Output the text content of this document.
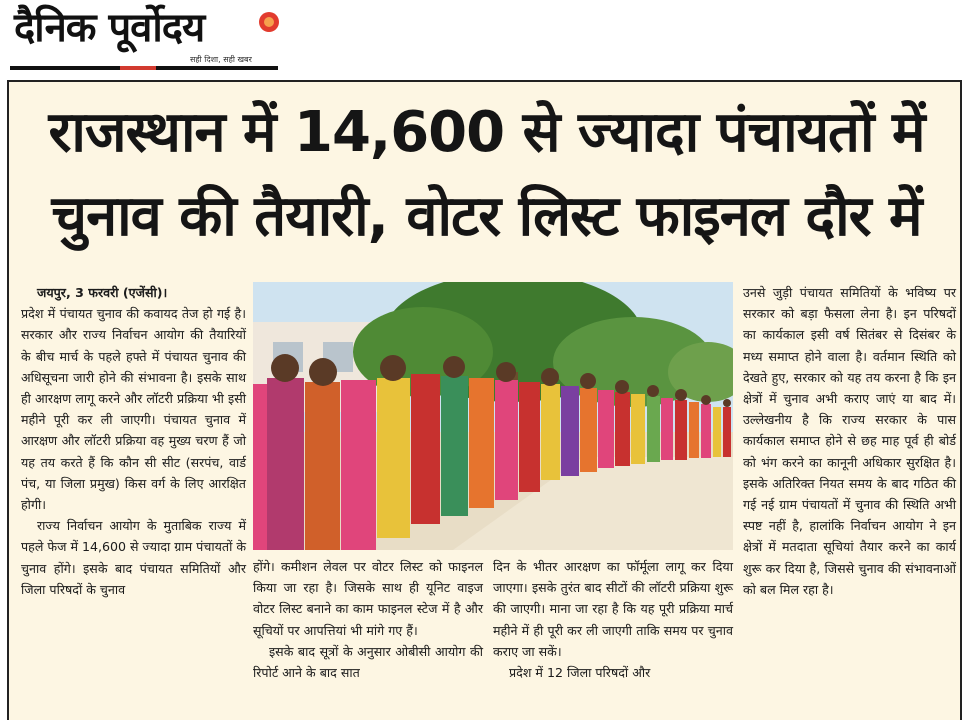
दैनिक पूर्वोदय
सही दिशा, सही खबर
राजस्थान में 14,600 से ज्यादा पंचायतों में
चुनाव की तैयारी, वोटर लिस्ट फाइनल दौर में

जयपुर, 3 फरवरी (एजेंसी)।

प्रदेश में पंचायत चुनाव की कवायद तेज हो गई है। सरकार और राज्य निर्वाचन आयोग की तैयारियों के बीच मार्च के पहले हफ्ते में पंचायत चुनाव की अधिसूचना जारी होने की संभावना है। इसके साथ ही आरक्षण लागू करने और लॉटरी प्रक्रिया भी इसी महीने पूरी कर ली जाएगी। पंचायत चुनाव में आरक्षण और लॉटरी प्रक्रिया वह मुख्य चरण हैं जो यह तय करते हैं कि कौन सी सीट (सरपंच, वार्ड पंच, या जिला प्रमुख) किस वर्ग के लिए आरक्षित होगी।

राज्य निर्वाचन आयोग के मुताबिक राज्य में पहले फेज में 14,600 से ज्यादा ग्राम पंचायतों के चुनाव होंगे। इसके बाद पंचायत समितियों और जिला परिषदों के चुनाव

होंगे। कमीशन लेवल पर वोटर लिस्ट को फाइनल किया जा रहा है। जिसके साथ ही यूनिट वाइज वोटर लिस्ट बनाने का काम फाइनल स्टेज में है और सूचियों पर आपत्तियां भी मांगे गए हैं।

इसके बाद सूत्रों के अनुसार ओबीसी आयोग की रिपोर्ट आने के बाद सात

दिन के भीतर आरक्षण का फॉर्मूला लागू कर दिया जाएगा। इसके तुरंत बाद सीटों की लॉटरी प्रक्रिया शुरू की जाएगी। माना जा रहा है कि यह पूरी प्रक्रिया मार्च महीने में ही पूरी कर ली जाएगी ताकि समय पर चुनाव कराए जा सकें।

प्रदेश में 12 जिला परिषदों और

उनसे जुड़ी पंचायत समितियों के भविष्य पर सरकार को बड़ा फैसला लेना है। इन परिषदों का कार्यकाल इसी वर्ष सितंबर से दिसंबर के मध्य समाप्त होने वाला है। वर्तमान स्थिति को देखते हुए, सरकार को यह तय करना है कि इन क्षेत्रों में चुनाव अभी कराए जाएं या बाद में। उल्लेखनीय है कि राज्य सरकार के पास कार्यकाल समाप्त होने से छह माह पूर्व ही बोर्ड को भंग करने का कानूनी अधिकार सुरक्षित है। इसके अतिरिक्त नियत समय के बाद गठित की गई नई ग्राम पंचायतों में चुनाव की स्थिति अभी स्पष्ट नहीं है, हालांकि निर्वाचन आयोग ने इन क्षेत्रों में मतदाता सूचियां तैयार करने का कार्य शुरू कर दिया है, जिससे चुनाव की संभावनाओं को बल मिल रहा है।
